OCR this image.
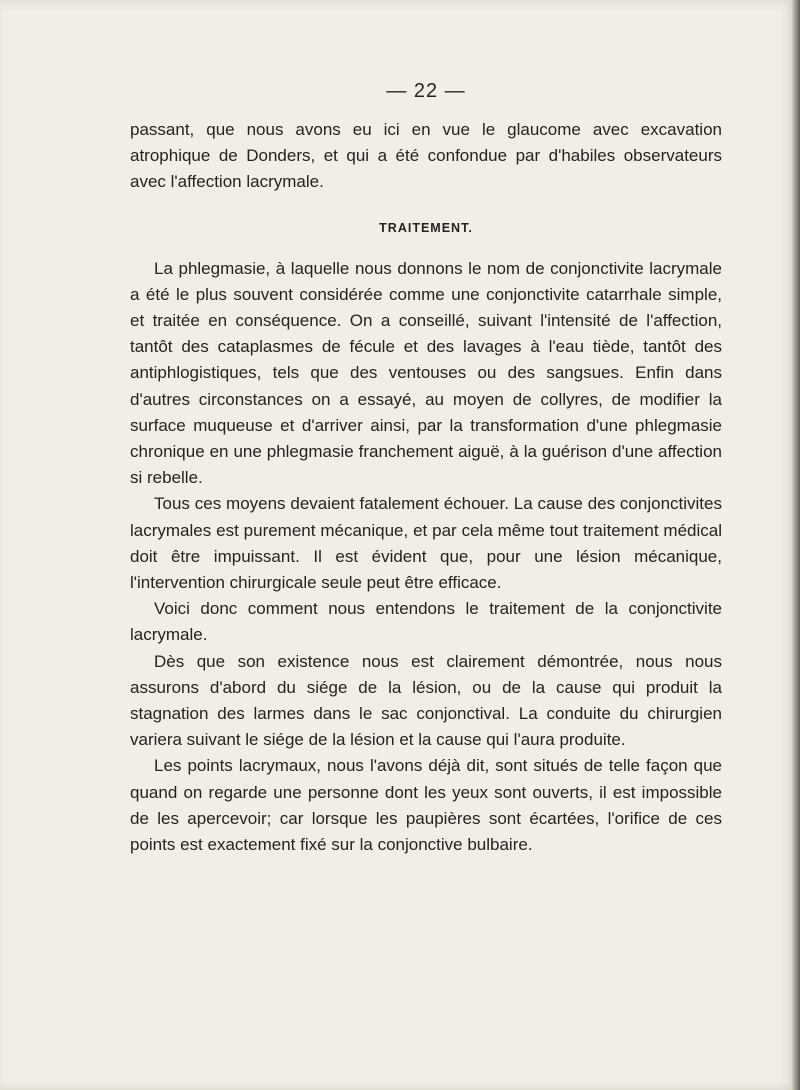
— 22 —

passant, que nous avons eu ici en vue le glaucome avec excavation atrophique de Donders, et qui a été confondue par d'habiles observateurs avec l'affection lacrymale.

TRAITEMENT.

La phlegmasie, à laquelle nous donnons le nom de conjonctivite lacrymale a été le plus souvent considérée comme une conjonctivite catarrhale simple, et traitée en conséquence. On a conseillé, suivant l'intensité de l'affection, tantôt des cataplasmes de fécule et des lavages à l'eau tiède, tantôt des antiphlogistiques, tels que des ventouses ou des sangsues. Enfin dans d'autres circonstances on a essayé, au moyen de collyres, de modifier la surface muqueuse et d'arriver ainsi, par la transformation d'une phlegmasie chronique en une phlegmasie franchement aiguë, à la guérison d'une affection si rebelle.

Tous ces moyens devaient fatalement échouer. La cause des conjonctivites lacrymales est purement mécanique, et par cela même tout traitement médical doit être impuissant. Il est évident que, pour une lésion mécanique, l'intervention chirurgicale seule peut être efficace.

Voici donc comment nous entendons le traitement de la conjonctivite lacrymale.

Dès que son existence nous est clairement démontrée, nous nous assurons d'abord du siége de la lésion, ou de la cause qui produit la stagnation des larmes dans le sac conjonctival. La conduite du chirurgien variera suivant le siége de la lésion et la cause qui l'aura produite.

Les points lacrymaux, nous l'avons déjà dit, sont situés de telle façon que quand on regarde une personne dont les yeux sont ouverts, il est impossible de les apercevoir; car lorsque les paupières sont écartées, l'orifice de ces points est exactement fixé sur la conjonctive bulbaire.
